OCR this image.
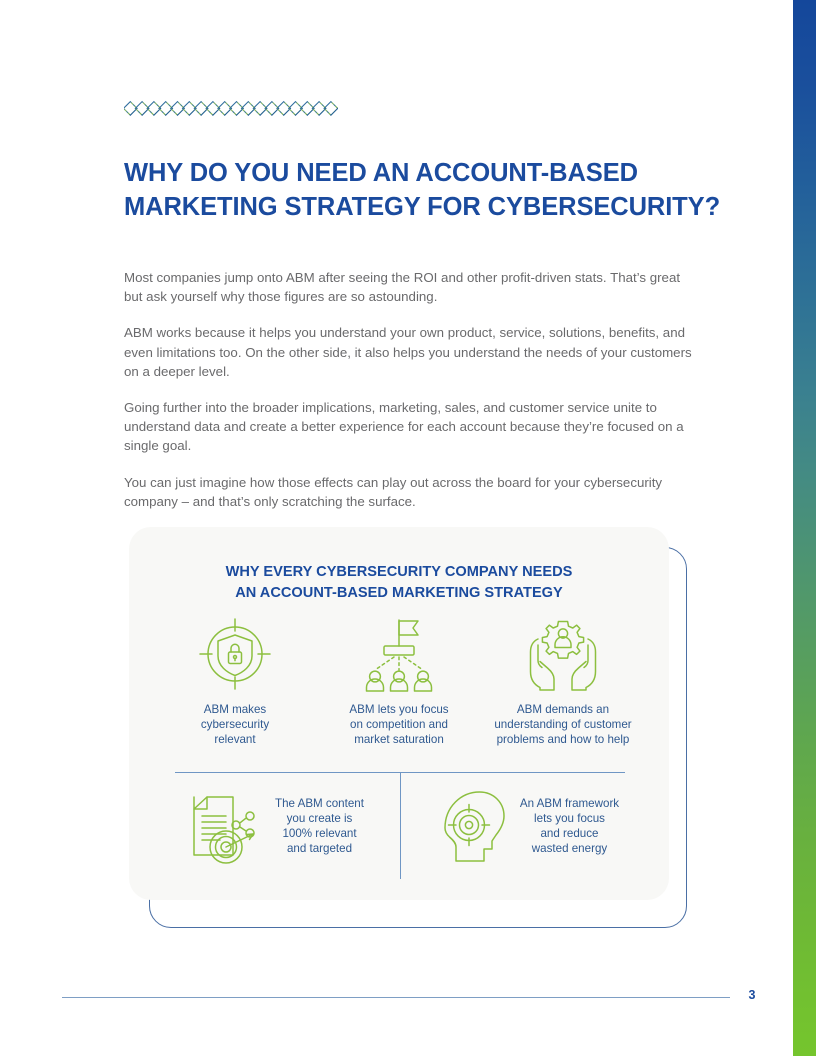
WHY DO YOU NEED AN ACCOUNT-BASED
MARKETING STRATEGY FOR CYBERSECURITY?

Most companies jump onto ABM after seeing the ROI and other profit-driven stats. That’s great but ask yourself why those figures are so astounding.

ABM works because it helps you understand your own product, service, solutions, benefits, and even limitations too. On the other side, it also helps you understand the needs of your customers on a deeper level.

Going further into the broader implications, marketing, sales, and customer service unite to understand data and create a better experience for each account because they’re focused on a single goal.

You can just imagine how those effects can play out across the board for your cybersecurity company – and that’s only scratching the surface.

WHY EVERY CYBERSECURITY COMPANY NEEDS
AN ACCOUNT-BASED MARKETING STRATEGY
ABM makes
cybersecurity
relevant
ABM lets you focus
on competition and
market saturation
ABM demands an
understanding of customer
problems and how to help
The ABM content
you create is
100% relevant
and targeted
An ABM framework
lets you focus
and reduce
wasted energy
3
